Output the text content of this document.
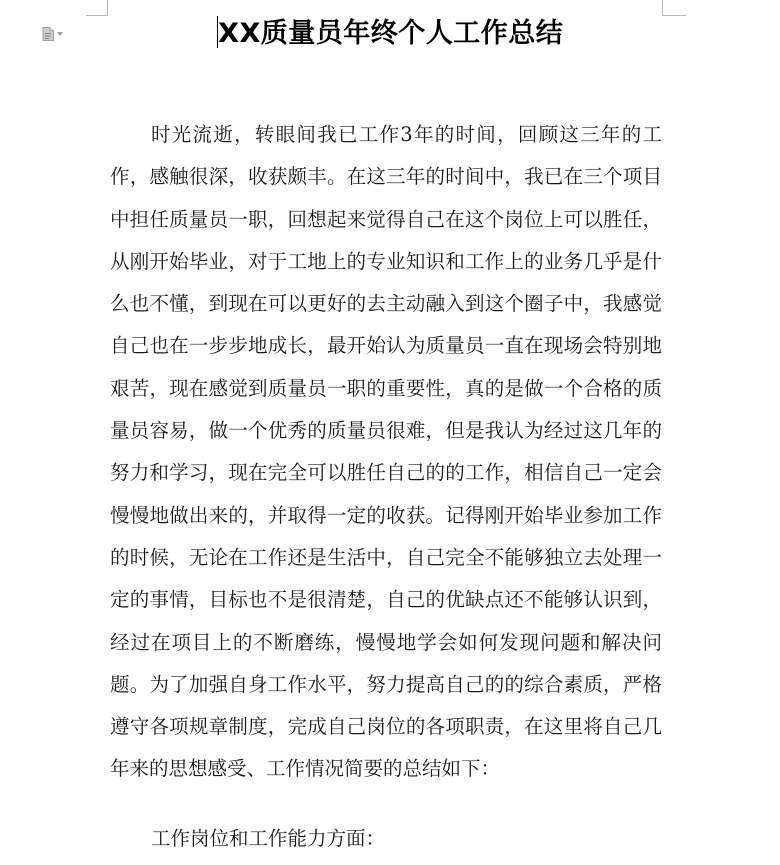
XX质量员年终个人工作总结

时光流逝，转眼间我已工作3年的时间，回顾这三年的工作，感触很深，收获颇丰。在这三年的时间中，我已在三个项目中担任质量员一职，回想起来觉得自己在这个岗位上可以胜任，从刚开始毕业，对于工地上的专业知识和工作上的业务几乎是什么也不懂，到现在可以更好的去主动融入到这个圈子中，我感觉自己也在一步步地成长，最开始认为质量员一直在现场会特别地艰苦，现在感觉到质量员一职的重要性，真的是做一个合格的质量员容易，做一个优秀的质量员很难，但是我认为经过这几年的努力和学习，现在完全可以胜任自己的的工作，相信自己一定会慢慢地做出来的，并取得一定的收获。记得刚开始毕业参加工作的时候，无论在工作还是生活中，自己完全不能够独立去处理一定的事情，目标也不是很清楚，自己的优缺点还不能够认识到，经过在项目上的不断磨练，慢慢地学会如何发现问题和解决问题。为了加强自身工作水平，努力提高自己的的综合素质，严格遵守各项规章制度，完成自己岗位的各项职责，在这里将自己几年来的思想感受、工作情况简要的总结如下：

工作岗位和工作能力方面：
